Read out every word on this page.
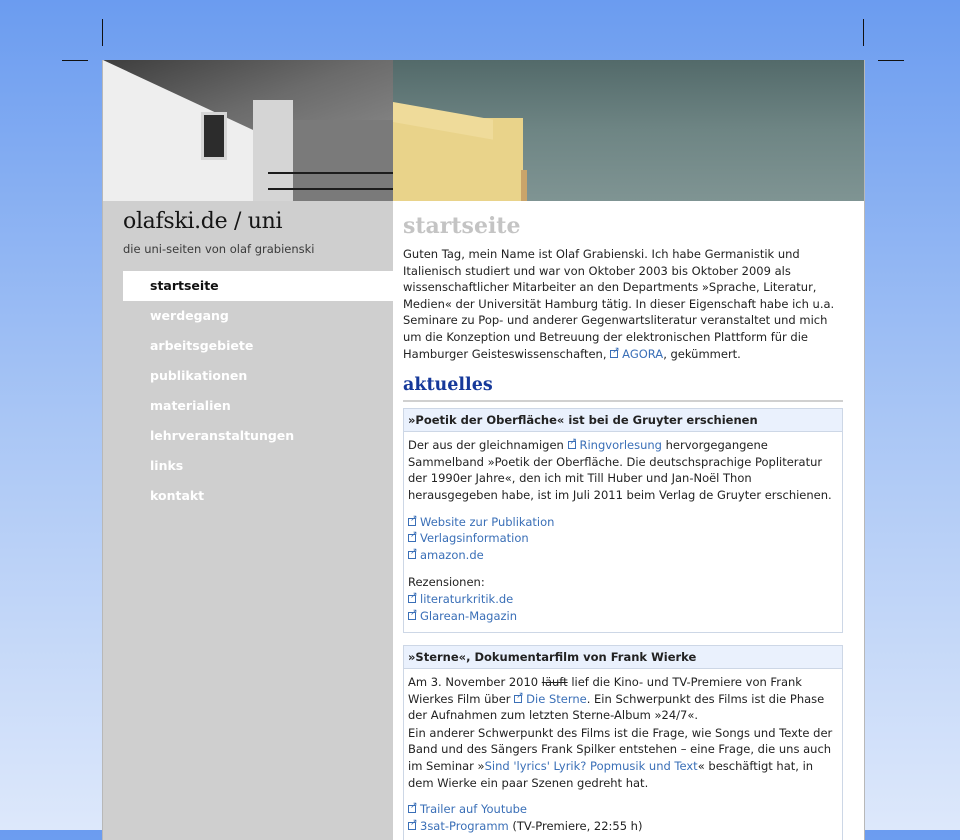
olafski.de / uni
die uni-seiten von olaf grabienski
startseite
werdegang
arbeitsgebiete
publikationen
materialien
lehrveranstaltungen
links
kontakt
startseite

Guten Tag, mein Name ist Olaf Grabienski. Ich habe Germanistik und Italienisch studiert und war von Oktober 2003 bis Oktober 2009 als wissenschaftlicher Mitarbeiter an den Departments »Sprache, Literatur, Medien« der Universität Hamburg tätig. In dieser Eigenschaft habe ich u.a. Seminare zu Pop- und anderer Gegenwartsliteratur veranstaltet und mich um die Konzeption und Betreuung der elektronischen Plattform für die Hamburger Geisteswissenschaften, ↗ AGORA, gekümmert.

aktuelles
»Poetik der Oberfläche« ist bei de Gruyter erschienen

Der aus der gleichnamigen ↗ Ringvorlesung hervorgegangene Sammelband »Poetik der Oberfläche. Die deutschsprachige Popliteratur der 1990er Jahre«, den ich mit Till Huber und Jan-Noël Thon herausgegeben habe, ist im Juli 2011 beim Verlag de Gruyter erschienen.

↗Website zur Publikation
↗Verlagsinformation
↗amazon.de
Rezensionen:
↗literaturkritik.de
↗Glarean-Magazin
»Sterne«, Dokumentarfilm von Frank Wierke

Am 3. November 2010 läuft lief die Kino- und TV-Premiere von Frank Wierkes Film über ↗ Die Sterne. Ein Schwerpunkt des Films ist die Phase der Aufnahmen zum letzten Sterne-Album »24/7«.

Ein anderer Schwerpunkt des Films ist die Frage, wie Songs und Texte der Band und des Sängers Frank Spilker entstehen – eine Frage, die uns auch im Seminar »Sind 'lyrics' Lyrik? Popmusik und Text« beschäftigt hat, in dem Wierke ein paar Szenen gedreht hat.

↗Trailer auf Youtube
↗3sat-Programm (TV-Premiere, 22:55 h)
